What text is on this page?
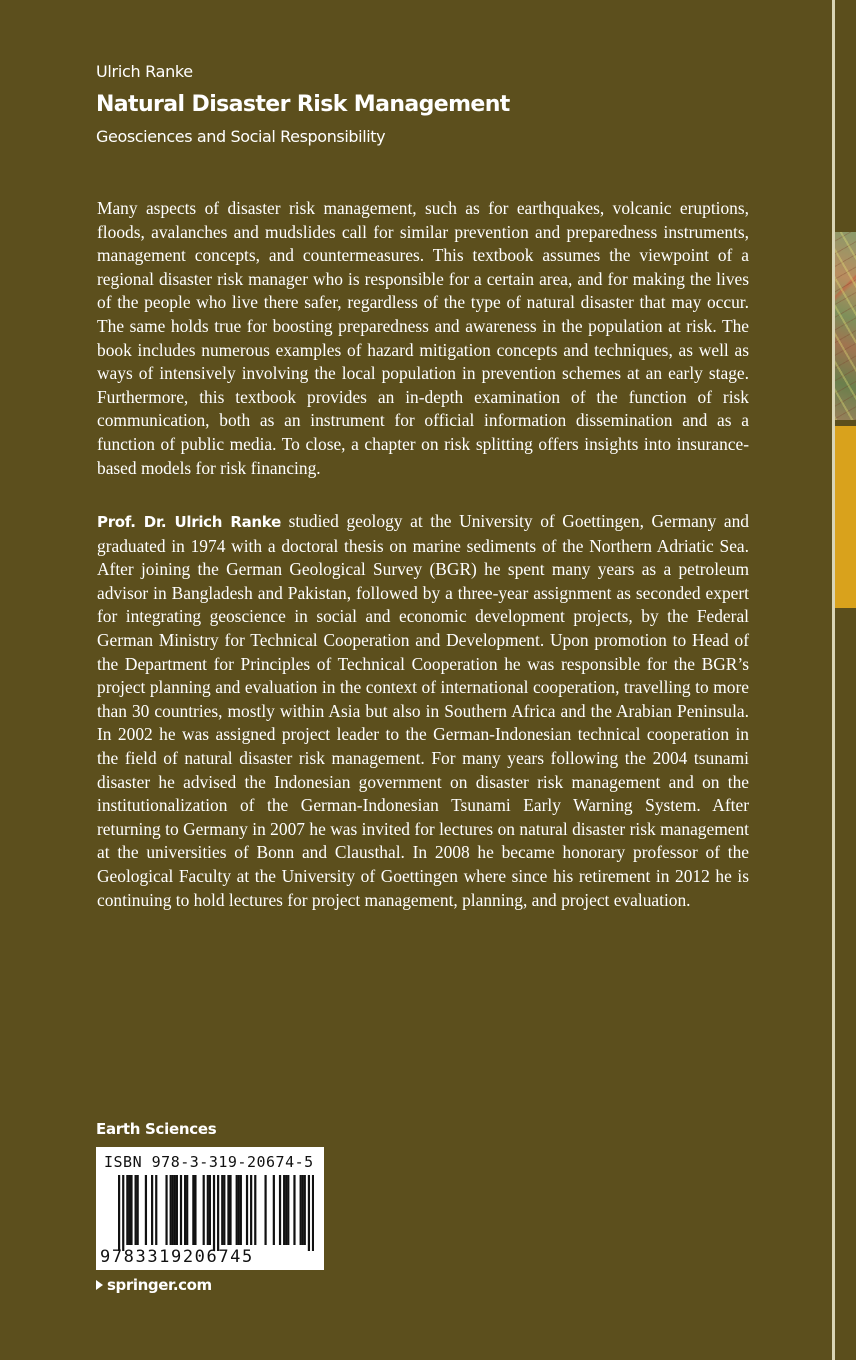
Ulrich Ranke
Natural Disaster Risk Management
Geosciences and Social Responsibility

Many aspects of disaster risk management, such as for earthquakes, volcanic eruptions, floods, avalanches and mudslides call for similar prevention and preparedness instruments, management concepts, and countermeasures. This textbook assumes the viewpoint of a regional disaster risk manager who is responsible for a certain area, and for making the lives of the people who live there safer, regardless of the type of natural disaster that may occur. The same holds true for boosting preparedness and awareness in the population at risk. The book includes numerous examples of hazard mitigation concepts and techniques, as well as ways of intensively involving the local population in prevention schemes at an early stage. Furthermore, this textbook provides an in-depth examination of the function of risk communication, both as an instrument for official information dissemination and as a function of public media. To close, a chapter on risk splitting offers insights into insurance-based models for risk financing.

Prof. Dr. Ulrich Ranke studied geology at the University of Goettingen, Germany and graduated in 1974 with a doctoral thesis on marine sediments of the Northern Adriatic Sea. After joining the German Geological Survey (BGR) he spent many years as a petroleum advisor in Bangladesh and Pakistan, followed by a three-year assignment as seconded expert for integrating geoscience in social and economic development projects, by the Federal German Ministry for Technical Cooperation and Development. Upon promotion to Head of the Department for Principles of Technical Cooperation he was responsible for the BGR’s project planning and evaluation in the context of international cooperation, travelling to more than 30 countries, mostly within Asia but also in Southern Africa and the Arabian Peninsula. In 2002 he was assigned project leader to the German-Indonesian technical cooperation in the field of natural disaster risk management. For many years following the 2004 tsunami disaster he advised the Indonesian government on disaster risk management and on the institutionalization of the German-Indonesian Tsunami Early Warning System. After returning to Germany in 2007 he was invited for lectures on natural disaster risk management at the universities of Bonn and Clausthal. In 2008 he became honorary professor of the Geological Faculty at the University of Goettingen where since his retirement in 2012 he is continuing to hold lectures for project management, planning, and project evaluation.

Earth Sciences
ISBN 978-3-319-20674-5
9783319206745
springer.com
